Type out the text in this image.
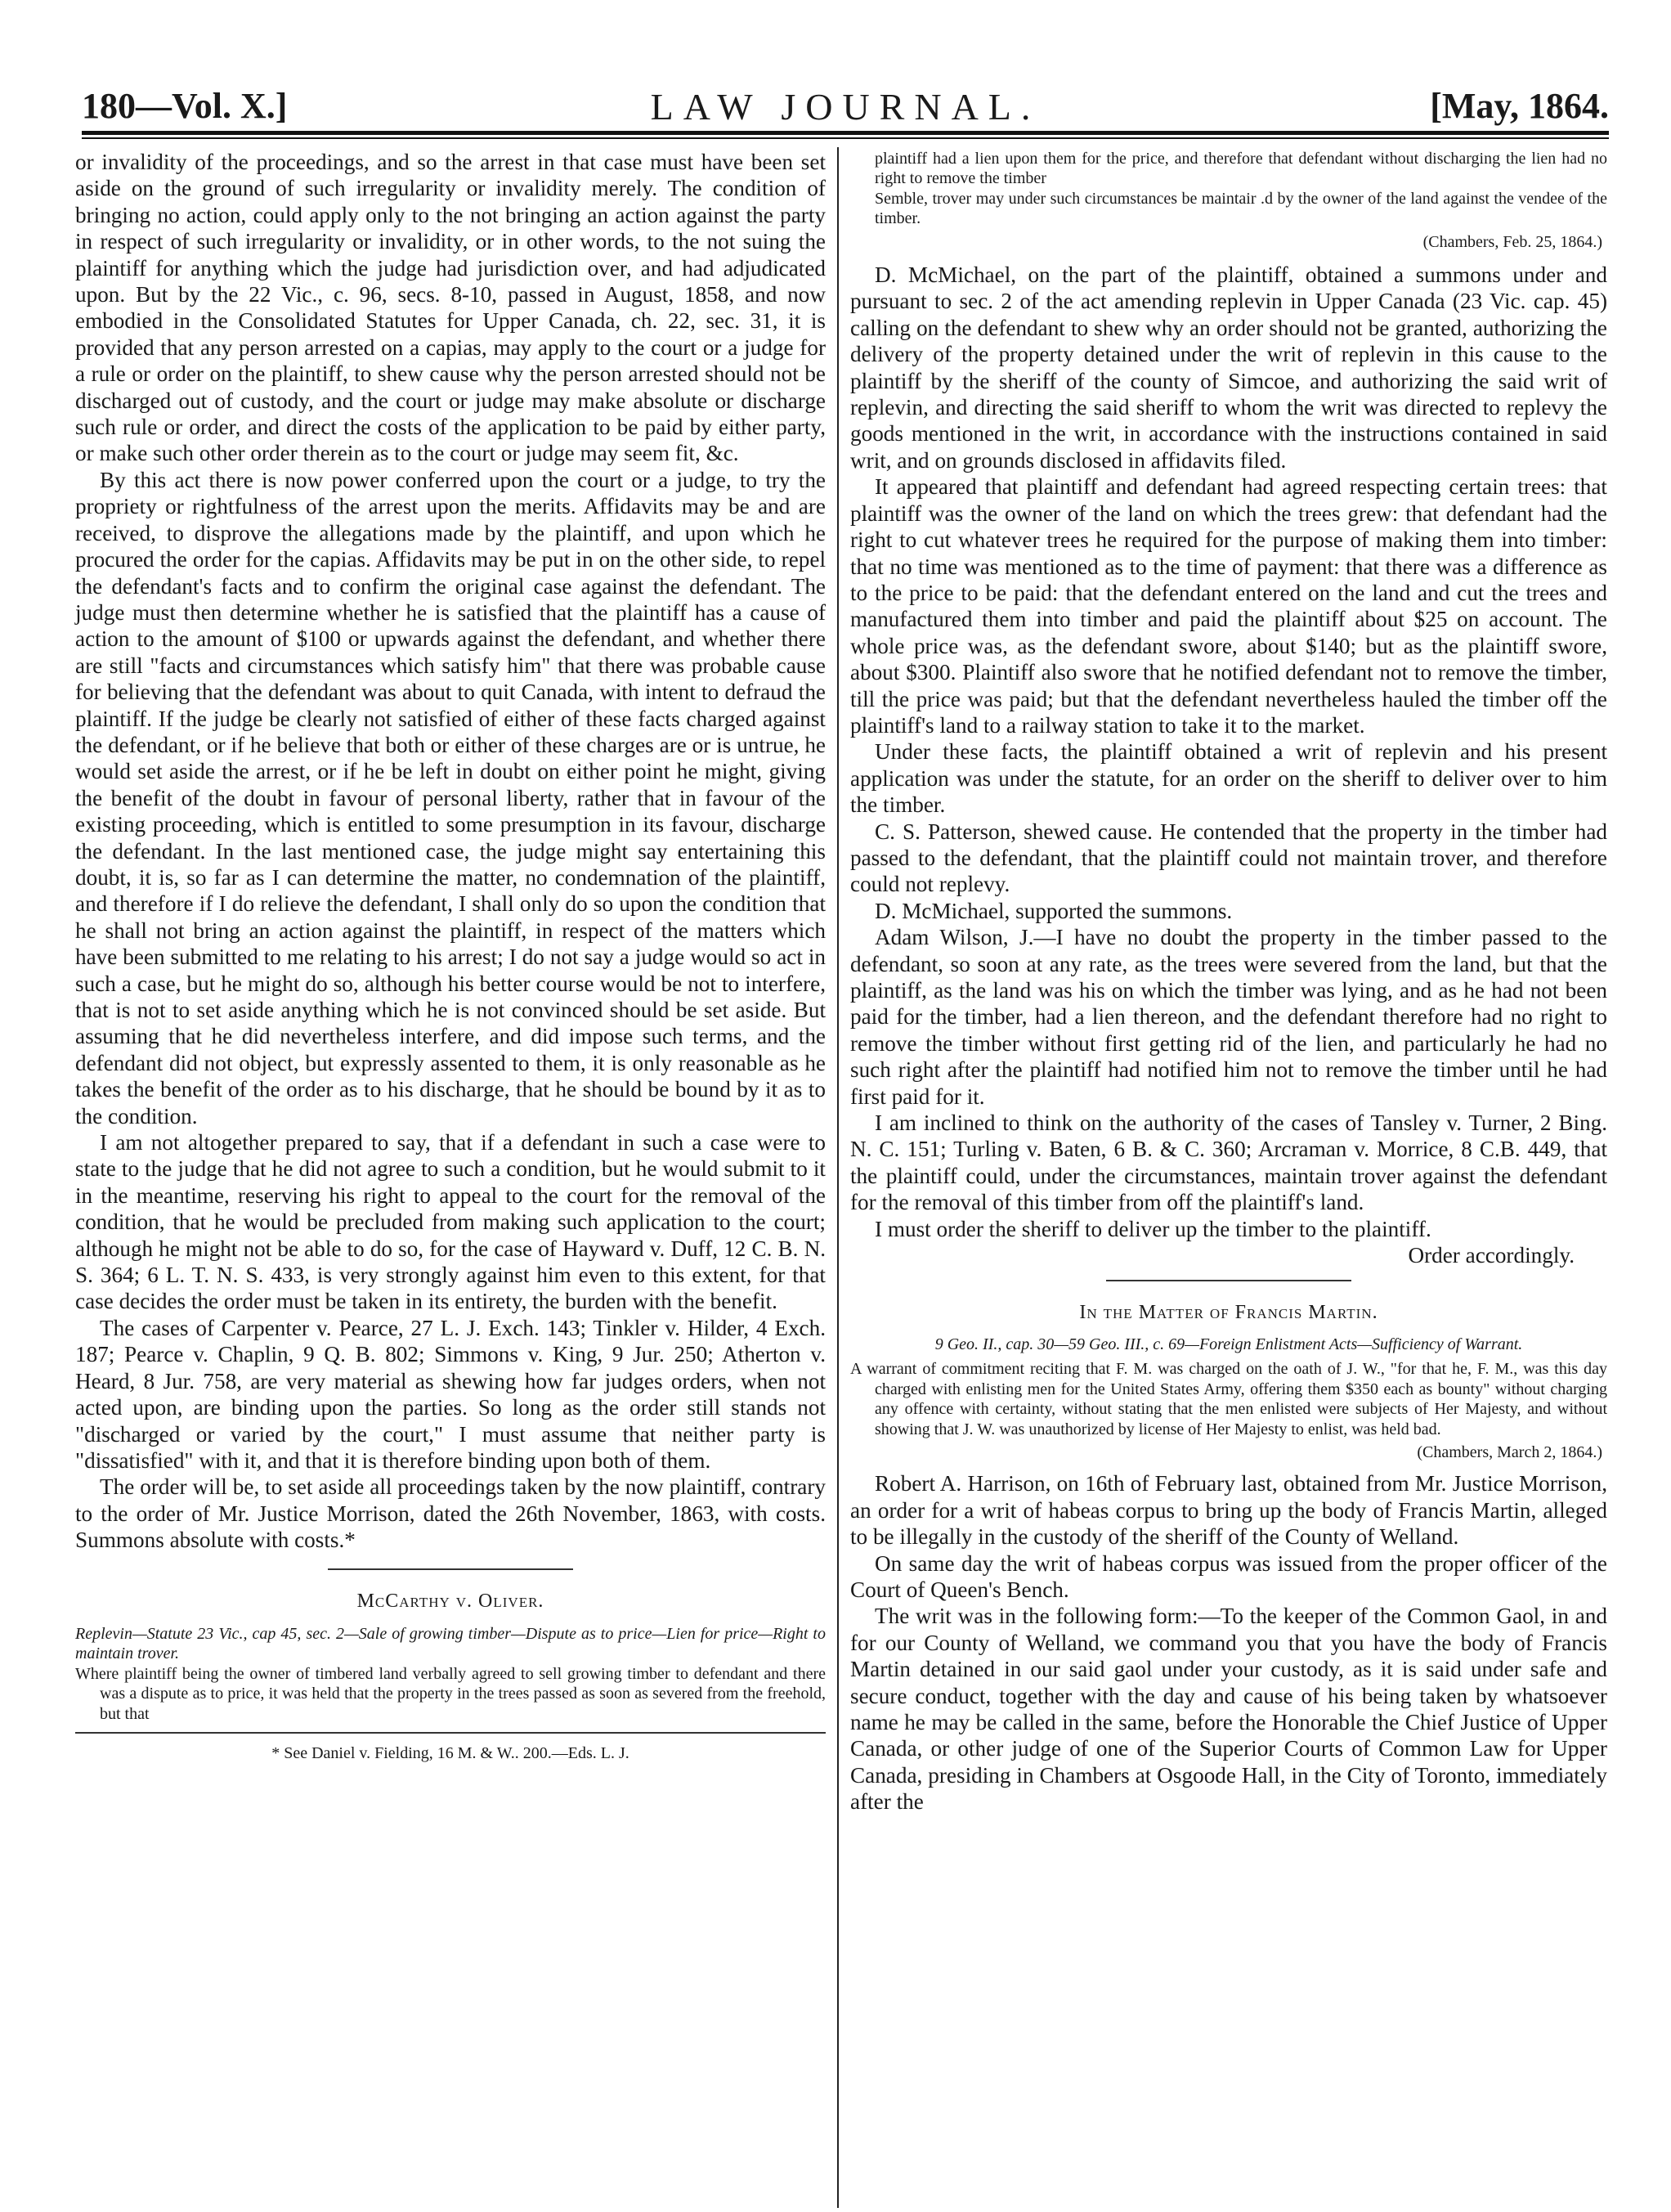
180—Vol. X.]	LAW JOURNAL.	[May, 1864.

or invalidity of the proceedings, and so the arrest in that case must have been set aside on the ground of such irregularity or invalidity merely. The condition of bringing no action, could apply only to the not bringing an action against the party in respect of such irregularity or invalidity, or in other words, to the not suing the plaintiff for anything which the judge had jurisdiction over, and had adjudicated upon. But by the 22 Vic., c. 96, secs. 8-10, passed in August, 1858, and now embodied in the Consolidated Statutes for Upper Canada, ch. 22, sec. 31, it is provided that any person arrested on a capias, may apply to the court or a judge for a rule or order on the plaintiff, to shew cause why the person arrested should not be discharged out of custody, and the court or judge may make absolute or discharge such rule or order, and direct the costs of the application to be paid by either party, or make such other order therein as to the court or judge may seem fit, &c.

By this act there is now power conferred upon the court or a judge, to try the propriety or rightfulness of the arrest upon the merits. Affidavits may be and are received, to disprove the allegations made by the plaintiff, and upon which he procured the order for the capias. Affidavits may be put in on the other side, to repel the defendant's facts and to confirm the original case against the defendant. The judge must then determine whether he is satisfied that the plaintiff has a cause of action to the amount of $100 or upwards against the defendant, and whether there are still "facts and circumstances which satisfy him" that there was probable cause for believing that the defendant was about to quit Canada, with intent to defraud the plaintiff. If the judge be clearly not satisfied of either of these facts charged against the defendant, or if he believe that both or either of these charges are or is untrue, he would set aside the arrest, or if he be left in doubt on either point he might, giving the benefit of the doubt in favour of personal liberty, rather that in favour of the existing proceeding, which is entitled to some presumption in its favour, discharge the defendant. In the last mentioned case, the judge might say entertaining this doubt, it is, so far as I can determine the matter, no condemnation of the plaintiff, and therefore if I do relieve the defendant, I shall only do so upon the condition that he shall not bring an action against the plaintiff, in respect of the matters which have been submitted to me relating to his arrest; I do not say a judge would so act in such a case, but he might do so, although his better course would be not to interfere, that is not to set aside anything which he is not convinced should be set aside. But assuming that he did nevertheless interfere, and did impose such terms, and the defendant did not object, but expressly assented to them, it is only reasonable as he takes the benefit of the order as to his discharge, that he should be bound by it as to the condition.

I am not altogether prepared to say, that if a defendant in such a case were to state to the judge that he did not agree to such a condition, but he would submit to it in the meantime, reserving his right to appeal to the court for the removal of the condition, that he would be precluded from making such application to the court; although he might not be able to do so, for the case of Hayward v. Duff, 12 C. B. N. S. 364; 6 L. T. N. S. 433, is very strongly against him even to this extent, for that case decides the order must be taken in its entirety, the burden with the benefit.

The cases of Carpenter v. Pearce, 27 L. J. Exch. 143; Tinkler v. Hilder, 4 Exch. 187; Pearce v. Chaplin, 9 Q. B. 802; Simmons v. King, 9 Jur. 250; Atherton v. Heard, 8 Jur. 758, are very material as shewing how far judges orders, when not acted upon, are binding upon the parties. So long as the order still stands not "discharged or varied by the court," I must assume that neither party is "dissatisfied" with it, and that it is therefore binding upon both of them.

The order will be, to set aside all proceedings taken by the now plaintiff, contrary to the order of Mr. Justice Morrison, dated the 26th November, 1863, with costs. Summons absolute with costs.*

McCarthy v. Oliver.

Replevin—Statute 23 Vic., cap 45, sec. 2—Sale of growing timber—Dispute as to price—Lien for price—Right to maintain trover.

Where plaintiff being the owner of timbered land verbally agreed to sell growing timber to defendant and there was a dispute as to price, it was held that the property in the trees passed as soon as severed from the freehold, but that

* See Daniel v. Fielding, 16 M. & W.. 200.—Eds. L. J.

plaintiff had a lien upon them for the price, and therefore that defendant without discharging the lien had no right to remove the timber

Semble, trover may under such circumstances be maintair .d by the owner of the land against the vendee of the timber.

(Chambers, Feb. 25, 1864.)

D. McMichael, on the part of the plaintiff, obtained a summons under and pursuant to sec. 2 of the act amending replevin in Upper Canada (23 Vic. cap. 45) calling on the defendant to shew why an order should not be granted, authorizing the delivery of the property detained under the writ of replevin in this cause to the plaintiff by the sheriff of the county of Simcoe, and authorizing the said writ of replevin, and directing the said sheriff to whom the writ was directed to replevy the goods mentioned in the writ, in accordance with the instructions contained in said writ, and on grounds disclosed in affidavits filed.

It appeared that plaintiff and defendant had agreed respecting certain trees: that plaintiff was the owner of the land on which the trees grew: that defendant had the right to cut whatever trees he required for the purpose of making them into timber: that no time was mentioned as to the time of payment: that there was a difference as to the price to be paid: that the defendant entered on the land and cut the trees and manufactured them into timber and paid the plaintiff about $25 on account. The whole price was, as the defendant swore, about $140; but as the plaintiff swore, about $300. Plaintiff also swore that he notified defendant not to remove the timber, till the price was paid; but that the defendant nevertheless hauled the timber off the plaintiff's land to a railway station to take it to the market.

Under these facts, the plaintiff obtained a writ of replevin and his present application was under the statute, for an order on the sheriff to deliver over to him the timber.

C. S. Patterson, shewed cause. He contended that the property in the timber had passed to the defendant, that the plaintiff could not maintain trover, and therefore could not replevy.

D. McMichael, supported the summons.

Adam Wilson, J.—I have no doubt the property in the timber passed to the defendant, so soon at any rate, as the trees were severed from the land, but that the plaintiff, as the land was his on which the timber was lying, and as he had not been paid for the timber, had a lien thereon, and the defendant therefore had no right to remove the timber without first getting rid of the lien, and particularly he had no such right after the plaintiff had notified him not to remove the timber until he had first paid for it.

I am inclined to think on the authority of the cases of Tansley v. Turner, 2 Bing. N. C. 151; Turling v. Baten, 6 B. & C. 360; Arcraman v. Morrice, 8 C.B. 449, that the plaintiff could, under the circumstances, maintain trover against the defendant for the removal of this timber from off the plaintiff's land.

I must order the sheriff to deliver up the timber to the plaintiff.

Order accordingly.

In the Matter of Francis Martin.

9 Geo. II., cap. 30—59 Geo. III., c. 69—Foreign Enlistment Acts—Sufficiency of Warrant.

A warrant of commitment reciting that F. M. was charged on the oath of J. W., "for that he, F. M., was this day charged with enlisting men for the United States Army, offering them $350 each as bounty" without charging any offence with certainty, without stating that the men enlisted were subjects of Her Majesty, and without showing that J. W. was unauthorized by license of Her Majesty to enlist, was held bad.

(Chambers, March 2, 1864.)

Robert A. Harrison, on 16th of February last, obtained from Mr. Justice Morrison, an order for a writ of habeas corpus to bring up the body of Francis Martin, alleged to be illegally in the custody of the sheriff of the County of Welland.

On same day the writ of habeas corpus was issued from the proper officer of the Court of Queen's Bench.

The writ was in the following form:—To the keeper of the Common Gaol, in and for our County of Welland, we command you that you have the body of Francis Martin detained in our said gaol under your custody, as it is said under safe and secure conduct, together with the day and cause of his being taken by whatsoever name he may be called in the same, before the Honorable the Chief Justice of Upper Canada, or other judge of one of the Superior Courts of Common Law for Upper Canada, presiding in Chambers at Osgoode Hall, in the City of Toronto, immediately after the
